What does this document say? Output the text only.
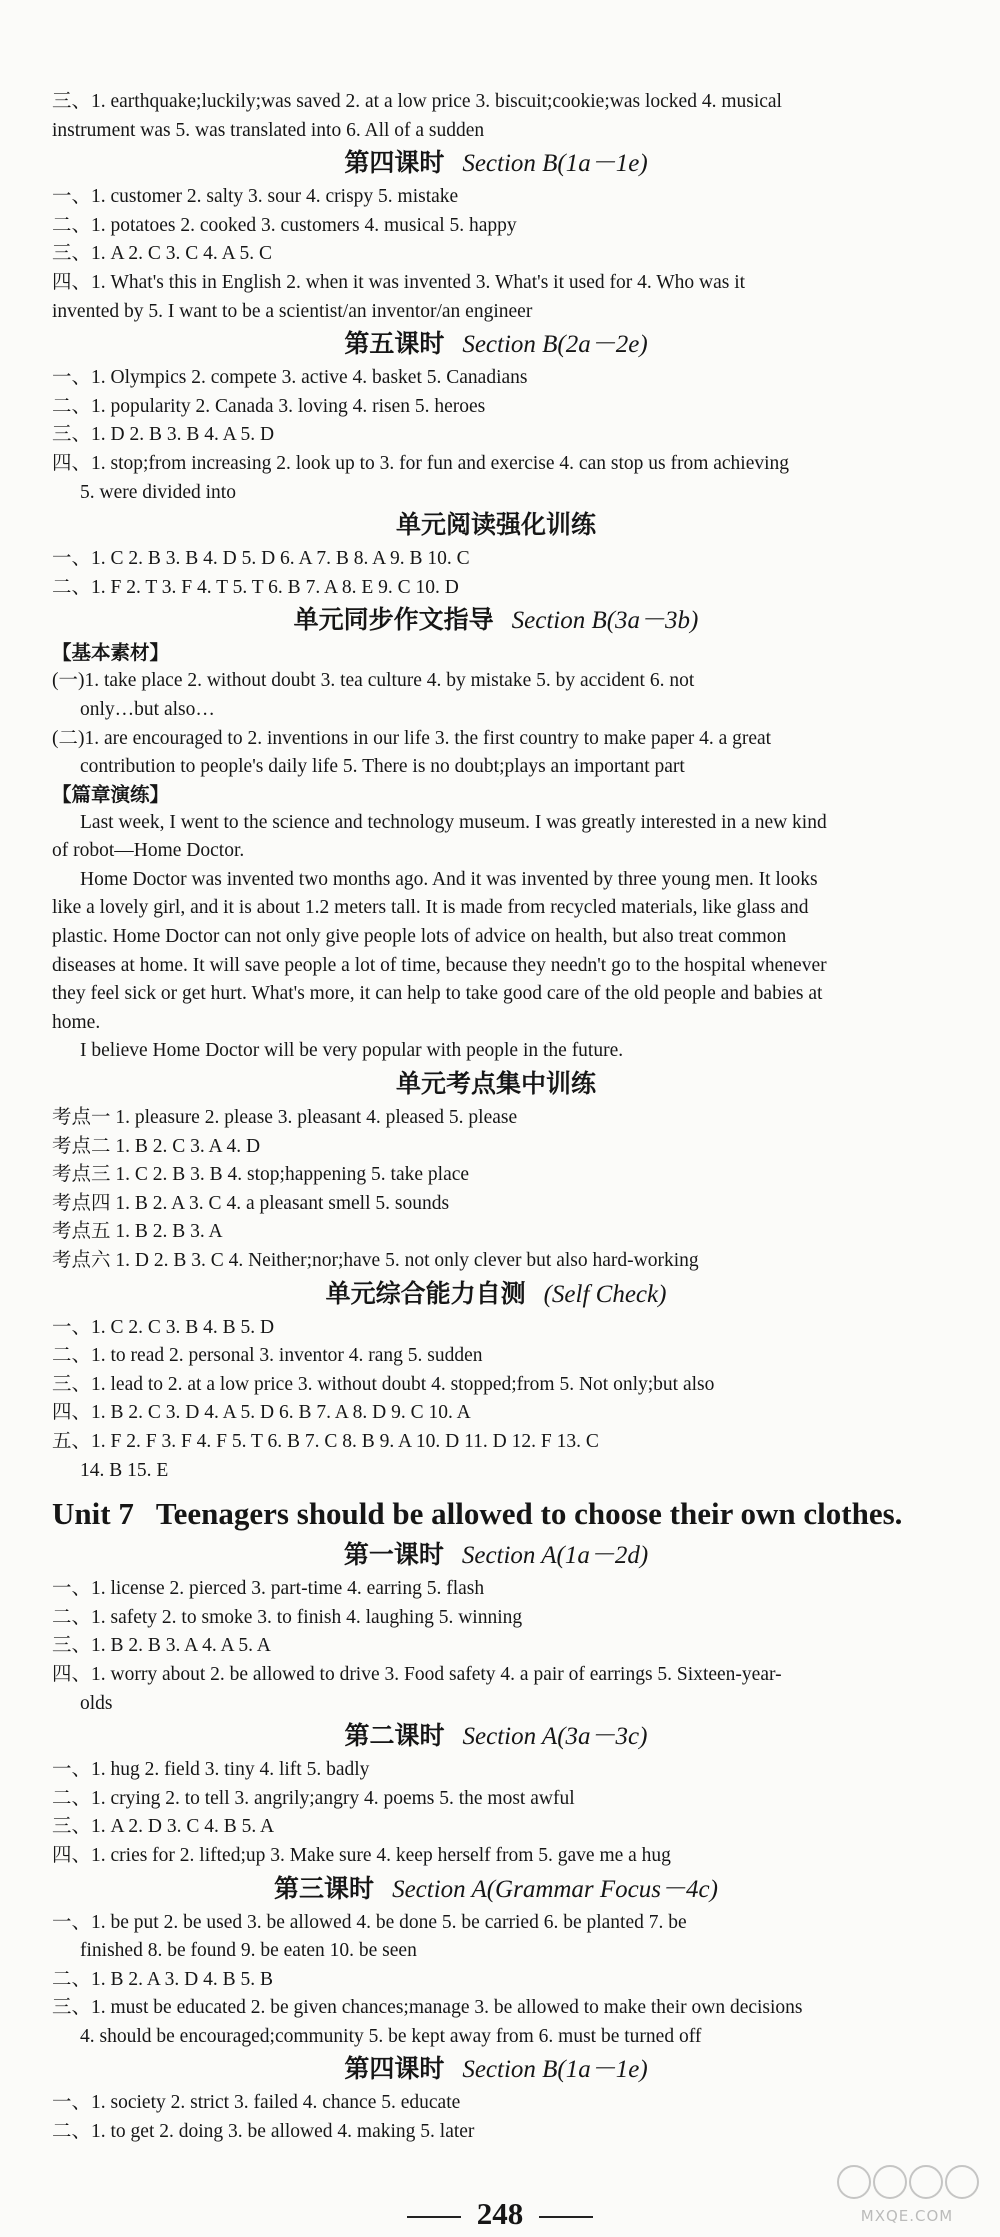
三、1. earthquake;luckily;was saved 2. at a low price 3. biscuit;cookie;was locked 4. musical
instrument was 5. was translated into 6. All of a sudden
第四课时 Section B(1a－1e)
一、1. customer 2. salty 3. sour 4. crispy 5. mistake
二、1. potatoes 2. cooked 3. customers 4. musical 5. happy
三、1. A 2. C 3. C 4. A 5. C
四、1. What's this in English 2. when it was invented 3. What's it used for 4. Who was it
invented by 5. I want to be a scientist/an inventor/an engineer
第五课时 Section B(2a－2e)
一、1. Olympics 2. compete 3. active 4. basket 5. Canadians
二、1. popularity 2. Canada 3. loving 4. risen 5. heroes
三、1. D 2. B 3. B 4. A 5. D
四、1. stop;from increasing 2. look up to 3. for fun and exercise 4. can stop us from achieving
5. were divided into
单元阅读强化训练
一、1. C 2. B 3. B 4. D 5. D 6. A 7. B 8. A 9. B 10. C
二、1. F 2. T 3. F 4. T 5. T 6. B 7. A 8. E 9. C 10. D
单元同步作文指导 Section B(3a－3b)
【基本素材】
(一)1. take place 2. without doubt 3. tea culture 4. by mistake 5. by accident 6. not
only…but also…
(二)1. are encouraged to 2. inventions in our life 3. the first country to make paper 4. a great
contribution to people's daily life 5. There is no doubt;plays an important part
【篇章演练】
Last week, I went to the science and technology museum. I was greatly interested in a new kind
of robot—Home Doctor.
Home Doctor was invented two months ago. And it was invented by three young men. It looks
like a lovely girl, and it is about 1.2 meters tall. It is made from recycled materials, like glass and
plastic. Home Doctor can not only give people lots of advice on health, but also treat common
diseases at home. It will save people a lot of time, because they needn't go to the hospital whenever
they feel sick or get hurt. What's more, it can help to take good care of the old people and babies at
home.
I believe Home Doctor will be very popular with people in the future.
单元考点集中训练
考点一 1. pleasure 2. please 3. pleasant 4. pleased 5. please
考点二 1. B 2. C 3. A 4. D
考点三 1. C 2. B 3. B 4. stop;happening 5. take place
考点四 1. B 2. A 3. C 4. a pleasant smell 5. sounds
考点五 1. B 2. B 3. A
考点六 1. D 2. B 3. C 4. Neither;nor;have 5. not only clever but also hard-working
单元综合能力自测 (Self Check)
一、1. C 2. C 3. B 4. B 5. D
二、1. to read 2. personal 3. inventor 4. rang 5. sudden
三、1. lead to 2. at a low price 3. without doubt 4. stopped;from 5. Not only;but also
四、1. B 2. C 3. D 4. A 5. D 6. B 7. A 8. D 9. C 10. A
五、1. F 2. F 3. F 4. F 5. T 6. B 7. C 8. B 9. A 10. D 11. D 12. F 13. C
14. B 15. E
Unit 7 Teenagers should be allowed to choose their own clothes.
第一课时 Section A(1a－2d)
一、1. license 2. pierced 3. part-time 4. earring 5. flash
二、1. safety 2. to smoke 3. to finish 4. laughing 5. winning
三、1. B 2. B 3. A 4. A 5. A
四、1. worry about 2. be allowed to drive 3. Food safety 4. a pair of earrings 5. Sixteen-year-
olds
第二课时 Section A(3a－3c)
一、1. hug 2. field 3. tiny 4. lift 5. badly
二、1. crying 2. to tell 3. angrily;angry 4. poems 5. the most awful
三、1. A 2. D 3. C 4. B 5. A
四、1. cries for 2. lifted;up 3. Make sure 4. keep herself from 5. gave me a hug
第三课时 Section A(Grammar Focus－4c)
一、1. be put 2. be used 3. be allowed 4. be done 5. be carried 6. be planted 7. be
finished 8. be found 9. be eaten 10. be seen
二、1. B 2. A 3. D 4. B 5. B
三、1. must be educated 2. be given chances;manage 3. be allowed to make their own decisions
4. should be encouraged;community 5. be kept away from 6. must be turned off
第四课时 Section B(1a－1e)
一、1. society 2. strict 3. failed 4. chance 5. educate
二、1. to get 2. doing 3. be allowed 4. making 5. later
248	MXQE.COM
